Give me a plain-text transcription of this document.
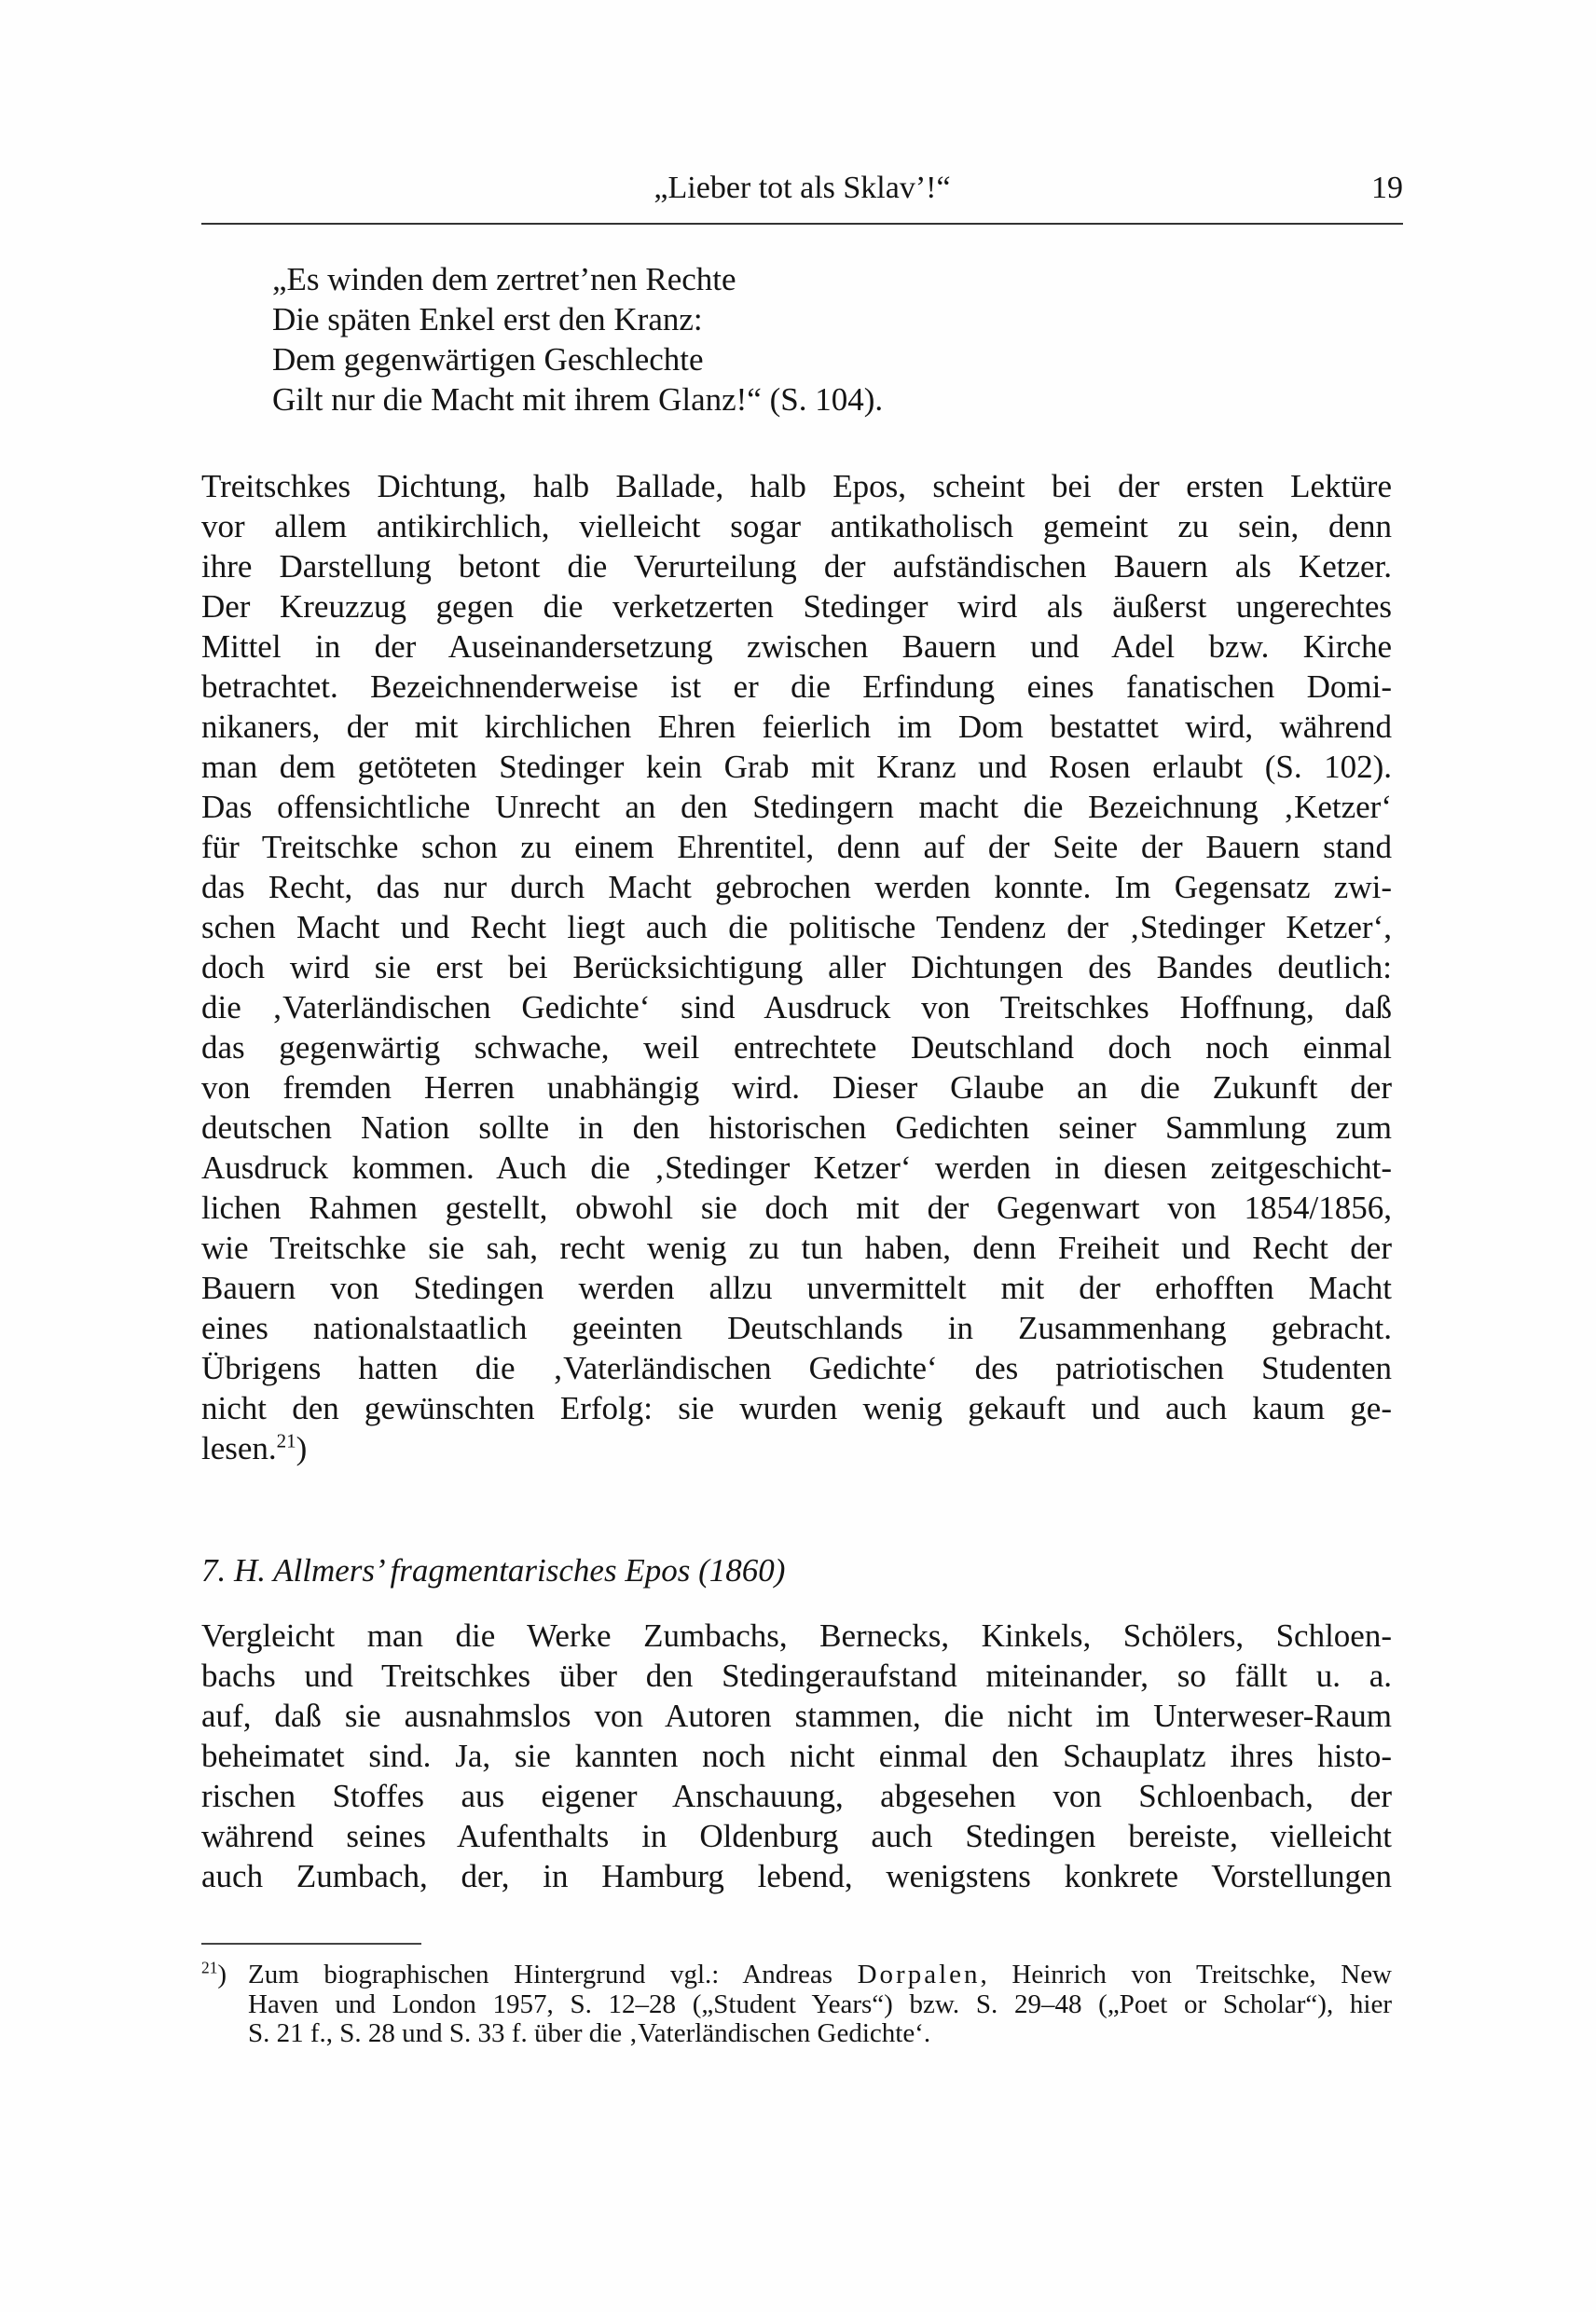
„Lieber tot als Sklav’!“	19
„Es winden dem zertret’nen Rechte
Die späten Enkel erst den Kranz:
Dem gegenwärtigen Geschlechte
Gilt nur die Macht mit ihrem Glanz!“ (S. 104).
Treitschkes Dichtung, halb Ballade, halb Epos, scheint bei der ersten Lektüre
vor allem antikirchlich, vielleicht sogar antikatholisch gemeint zu sein, denn
ihre Darstellung betont die Verurteilung der aufständischen Bauern als Ketzer.
Der Kreuzzug gegen die verketzerten Stedinger wird als äußerst ungerechtes
Mittel in der Auseinandersetzung zwischen Bauern und Adel bzw. Kirche
betrachtet. Bezeichnenderweise ist er die Erfindung eines fanatischen Domi-
nikaners, der mit kirchlichen Ehren feierlich im Dom bestattet wird, während
man dem getöteten Stedinger kein Grab mit Kranz und Rosen erlaubt (S. 102).
Das offensichtliche Unrecht an den Stedingern macht die Bezeichnung ‚Ketzer‘
für Treitschke schon zu einem Ehrentitel, denn auf der Seite der Bauern stand
das Recht, das nur durch Macht gebrochen werden konnte. Im Gegensatz zwi-
schen Macht und Recht liegt auch die politische Tendenz der ‚Stedinger Ketzer‘,
doch wird sie erst bei Berücksichtigung aller Dichtungen des Bandes deutlich:
die ‚Vaterländischen Gedichte‘ sind Ausdruck von Treitschkes Hoffnung, daß
das gegenwärtig schwache, weil entrechtete Deutschland doch noch einmal
von fremden Herren unabhängig wird. Dieser Glaube an die Zukunft der
deutschen Nation sollte in den historischen Gedichten seiner Sammlung zum
Ausdruck kommen. Auch die ‚Stedinger Ketzer‘ werden in diesen zeitgeschicht-
lichen Rahmen gestellt, obwohl sie doch mit der Gegenwart von 1854/1856,
wie Treitschke sie sah, recht wenig zu tun haben, denn Freiheit und Recht der
Bauern von Stedingen werden allzu unvermittelt mit der erhofften Macht
eines nationalstaatlich geeinten Deutschlands in Zusammenhang gebracht.
Übrigens hatten die ‚Vaterländischen Gedichte‘ des patriotischen Studenten
nicht den gewünschten Erfolg: sie wurden wenig gekauft und auch kaum ge-
lesen.$^{21}$)
7. H. Allmers’ fragmentarisches Epos (1860)
Vergleicht man die Werke Zumbachs, Bernecks, Kinkels, Schölers, Schloen-
bachs und Treitschkes über den Stedingeraufstand miteinander, so fällt u. a.
auf, daß sie ausnahmslos von Autoren stammen, die nicht im Unterweser-Raum
beheimatet sind. Ja, sie kannten noch nicht einmal den Schauplatz ihres histo-
rischen Stoffes aus eigener Anschauung, abgesehen von Schloenbach, der
während seines Aufenthalts in Oldenburg auch Stedingen bereiste, vielleicht
auch Zumbach, der, in Hamburg lebend, wenigstens konkrete Vorstellungen
$^{21}$) Zum biographischen Hintergrund vgl.: Andreas Dorpalen, Heinrich von Treitschke, New
Haven und London 1957, S. 12–28 („Student Years“) bzw. S. 29–48 („Poet or Scholar“), hier
S. 21 f., S. 28 und S. 33 f. über die ‚Vaterländischen Gedichte‘.
